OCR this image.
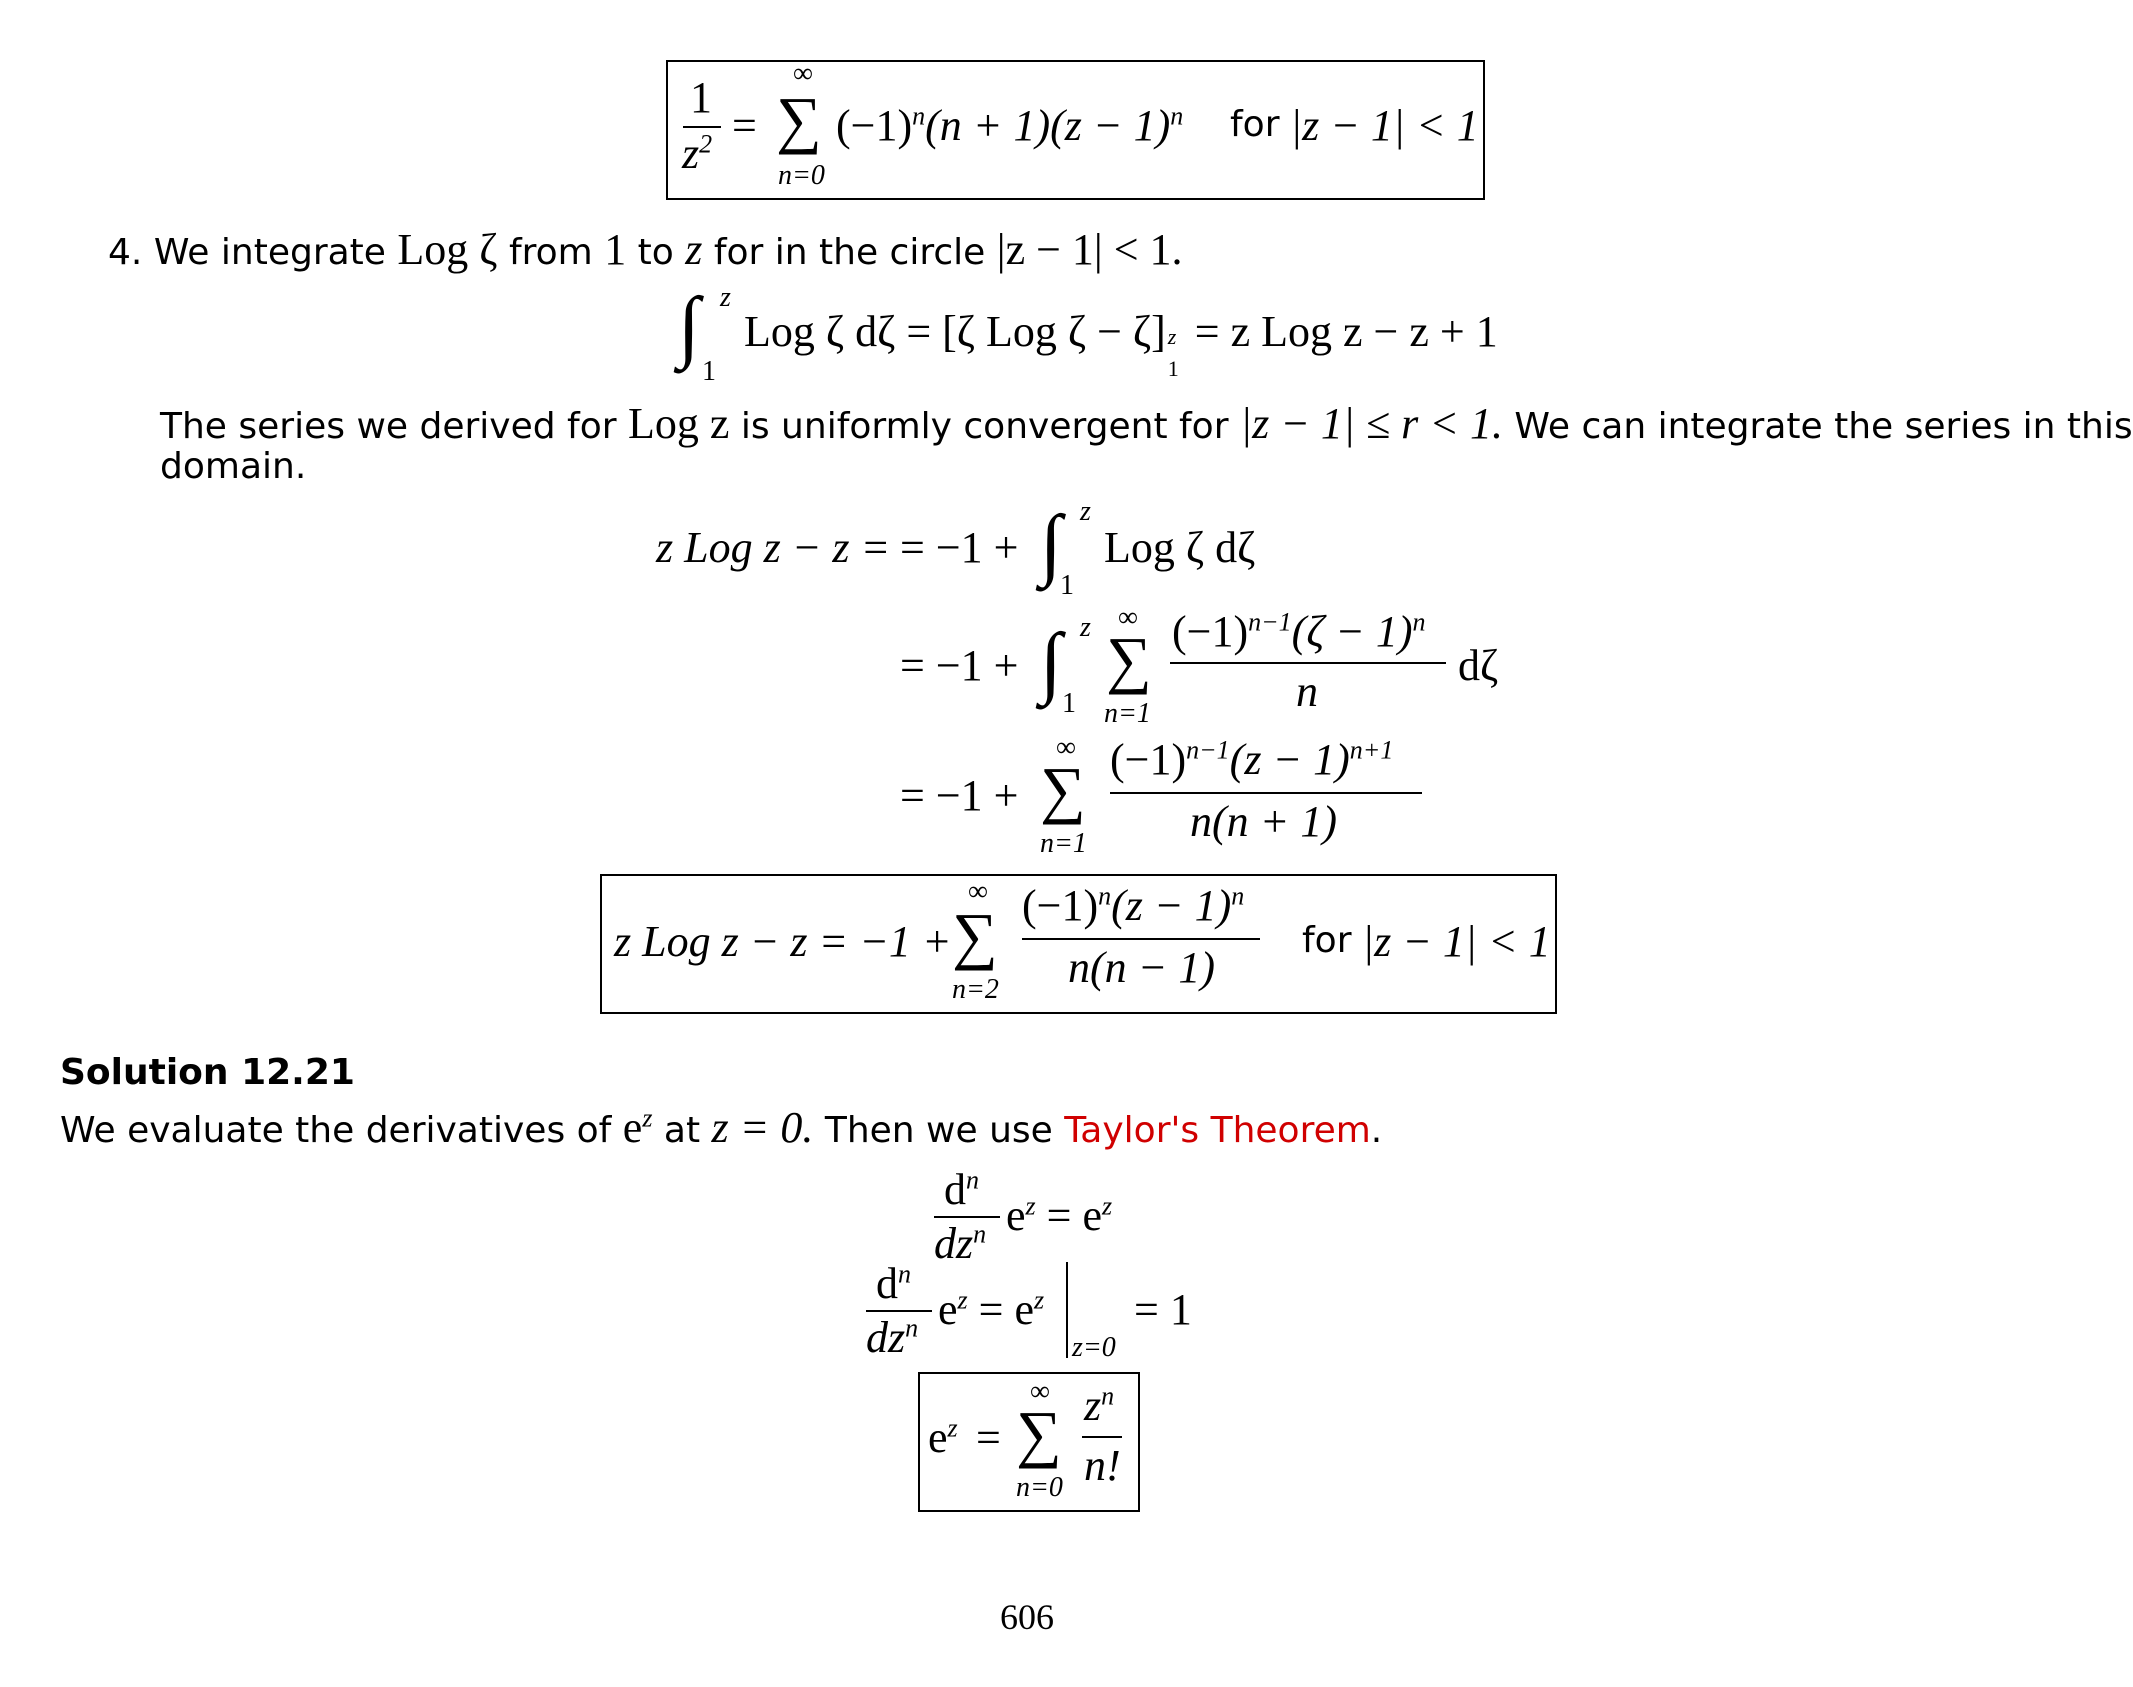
1
$z^2$ =
∞
∑
n=0
$(-1)^n(n + 1)(z - 1)^n$ for |z − 1| < 1
4. We integrate Log ζ from 1 to z for in the circle |z − 1| < 1.
∫ z
1
Log ζ dζ = [ζ Log ζ − ζ] z
1
= z Log z − z + 1
The series we derived for Log z is uniformly convergent for |z − 1| ≤ r < 1. We can integrate the series in this
domain.
z Log z − z = = −1 + ∫ z
1
Log ζ dζ
= −1 + ∫ z
1
∞
∑
n=1
$(-1)^{n-1}(\zeta - 1)^n$
n
dζ
= −1 +
∞
∑
n=1
$(-1)^{n-1}(z - 1)^{n+1}$
n(n + 1)
z Log z − z = −1 +
∞
∑
n=2
$(-1)^n(z - 1)^n$
n(n − 1)
for |z − 1| < 1
Solution 12.21
We evaluate the derivatives of $e^z$ at z = 0. Then we use Taylor's Theorem.
$d^n$
$dz^n$ $e^z = e^z$
$d^n$
$dz^n$ $e^z = e^z$
z=0
= 1
$e^z$ =
∞
∑
n=0
$z^n$
n!
606
